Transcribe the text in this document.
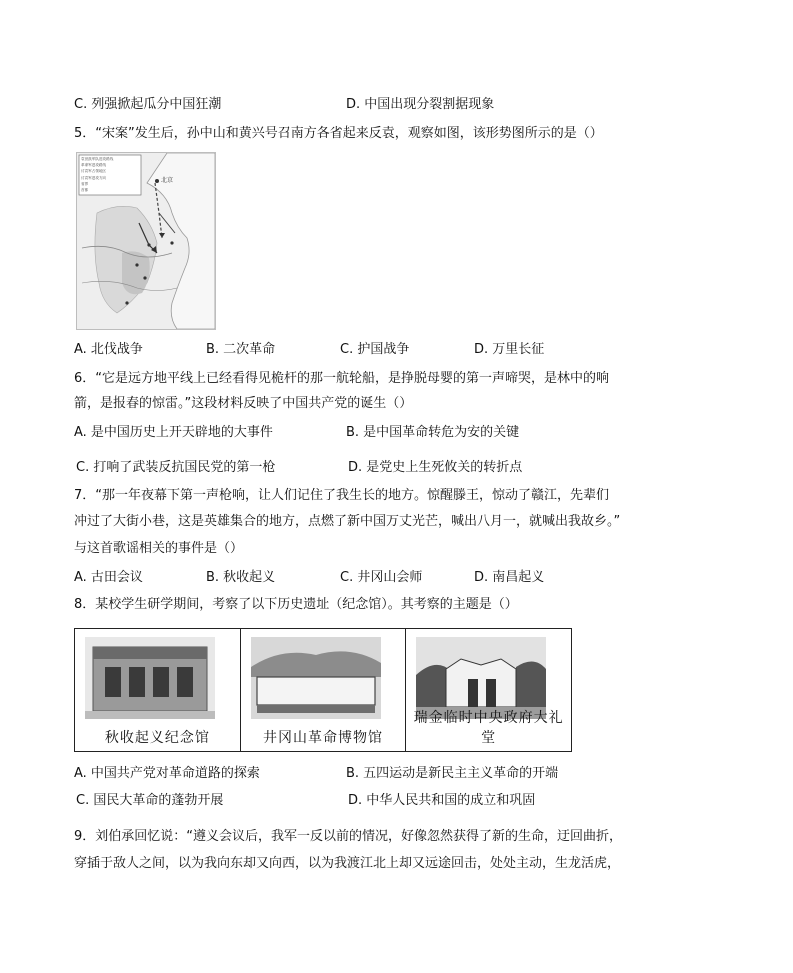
C. 列强掀起瓜分中国狂潮	D. 中国出现分裂割据现象
5．“宋案”发生后，孙中山和黄兴号召南方各省起来反袁，观察如图，该形势图所示的是（）
袁世凯军队进攻路线
革命军进攻路线
讨袁军占领地区
讨袁军进攻方向
省界
首都
北京
A. 北伐战争	B. 二次革命	C. 护国战争	D. 万里长征
6．“它是远方地平线上已经看得见桅杆的那一航轮船，是挣脱母婴的第一声啼哭，是林中的响
箭，是报春的惊雷。”这段材料反映了中国共产党的诞生（）
A. 是中国历史上开天辟地的大事件	B. 是中国革命转危为安的关键
C. 打响了武装反抗国民党的第一枪	D. 是党史上生死攸关的转折点
7．“那一年夜幕下第一声枪响，让人们记住了我生长的地方。惊醒滕王，惊动了赣江，先辈们
冲过了大街小巷，这是英雄集合的地方，点燃了新中国万丈光芒，喊出八月一，就喊出我故乡。”
与这首歌谣相关的事件是（）
A. 古田会议	B. 秋收起义	C. 井冈山会师	D. 南昌起义
8．某校学生研学期间，考察了以下历史遗址（纪念馆）。其考察的主题是（）
秋收起义纪念馆	井冈山革命博物馆
瑞金临时中央政府大礼堂
A. 中国共产党对革命道路的探索	B. 五四运动是新民主主义革命的开端
C. 国民大革命的蓬勃开展	D. 中华人民共和国的成立和巩固
9．刘伯承回忆说：“遵义会议后，我军一反以前的情况，好像忽然获得了新的生命，迂回曲折，
穿插于敌人之间，以为我向东却又向西，以为我渡江北上却又远途回击，处处主动，生龙活虎，
